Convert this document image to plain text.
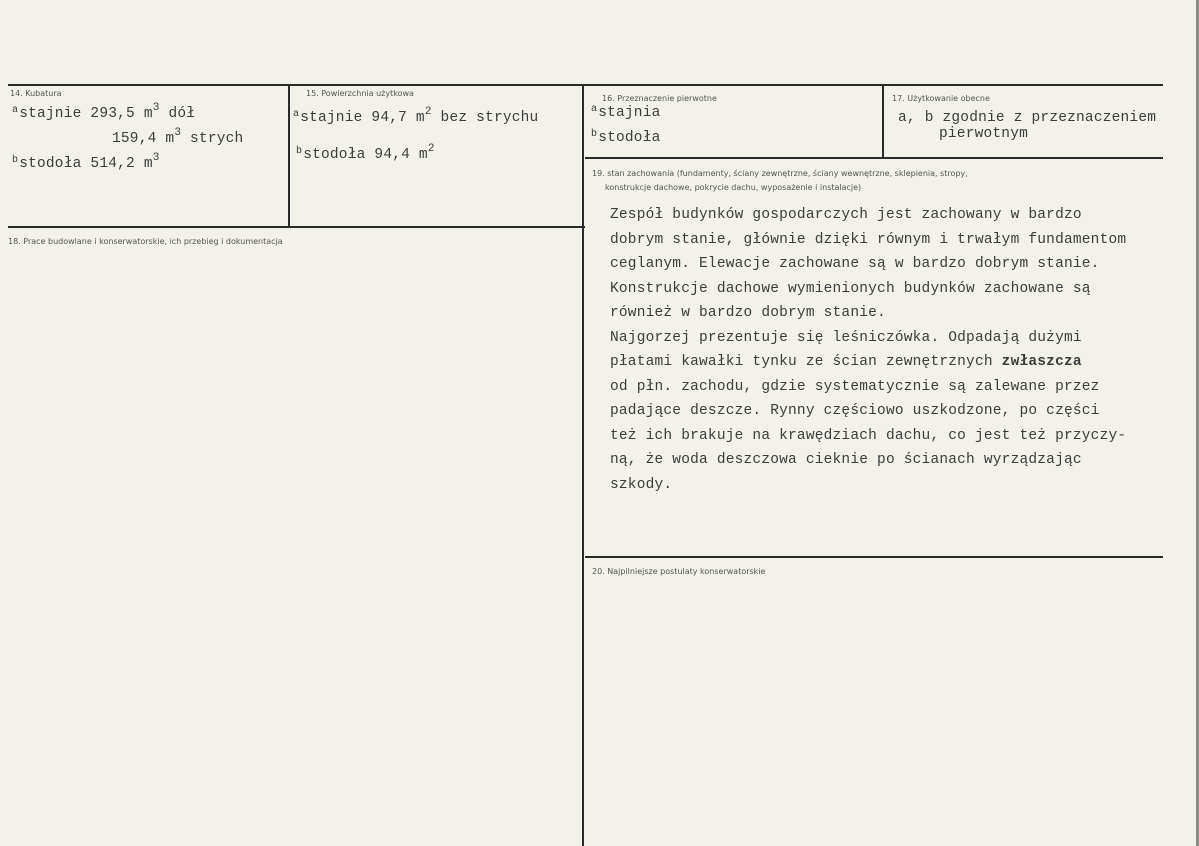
14. Kubatura
$^a$stajnie 293,5 $m^3$ dół
159,4 $m^3$ strych
$^b$stodoła 514,2 $m^3$
15. Powierzchnia użytkowa
$^a$stajnie 94,7 $m^2$ bez strychu
$^b$stodoła 94,4 $m^2$
16. Przeznaczenie pierwotne
$^a$stajnia
$^b$stodoła
17. Użytkowanie obecne
a, b zgodnie z przeznaczeniem
pierwotnym
18. Prace budowlane i konserwatorskie, ich przebieg i dokumentacja
19. stan zachowania (fundamenty, ściany zewnętrzne, ściany wewnętrzne, sklepienia, stropy,
konstrukcje dachowe, pokrycie dachu, wyposażenie i instalacje)
Zespół budynków gospodarczych jest zachowany w bardzo
dobrym stanie, głównie dzięki równym i trwałym fundamentom
ceglanym. Elewacje zachowane są w bardzo dobrym stanie.
Konstrukcje dachowe wymienionych budynków zachowane są
również w bardzo dobrym stanie.
Najgorzej prezentuje się leśniczówka. Odpadają dużymi
płatami kawałki tynku ze ścian zewnętrznych zwłaszcza
od płn. zachodu, gdzie systematycznie są zalewane przez
padające deszcze. Rynny częściowo uszkodzone, po części
też ich brakuje na krawędziach dachu, co jest też przyczy-
ną, że woda deszczowa cieknie po ścianach wyrządzając
szkody.
20. Najpilniejsze postulaty konserwatorskie
